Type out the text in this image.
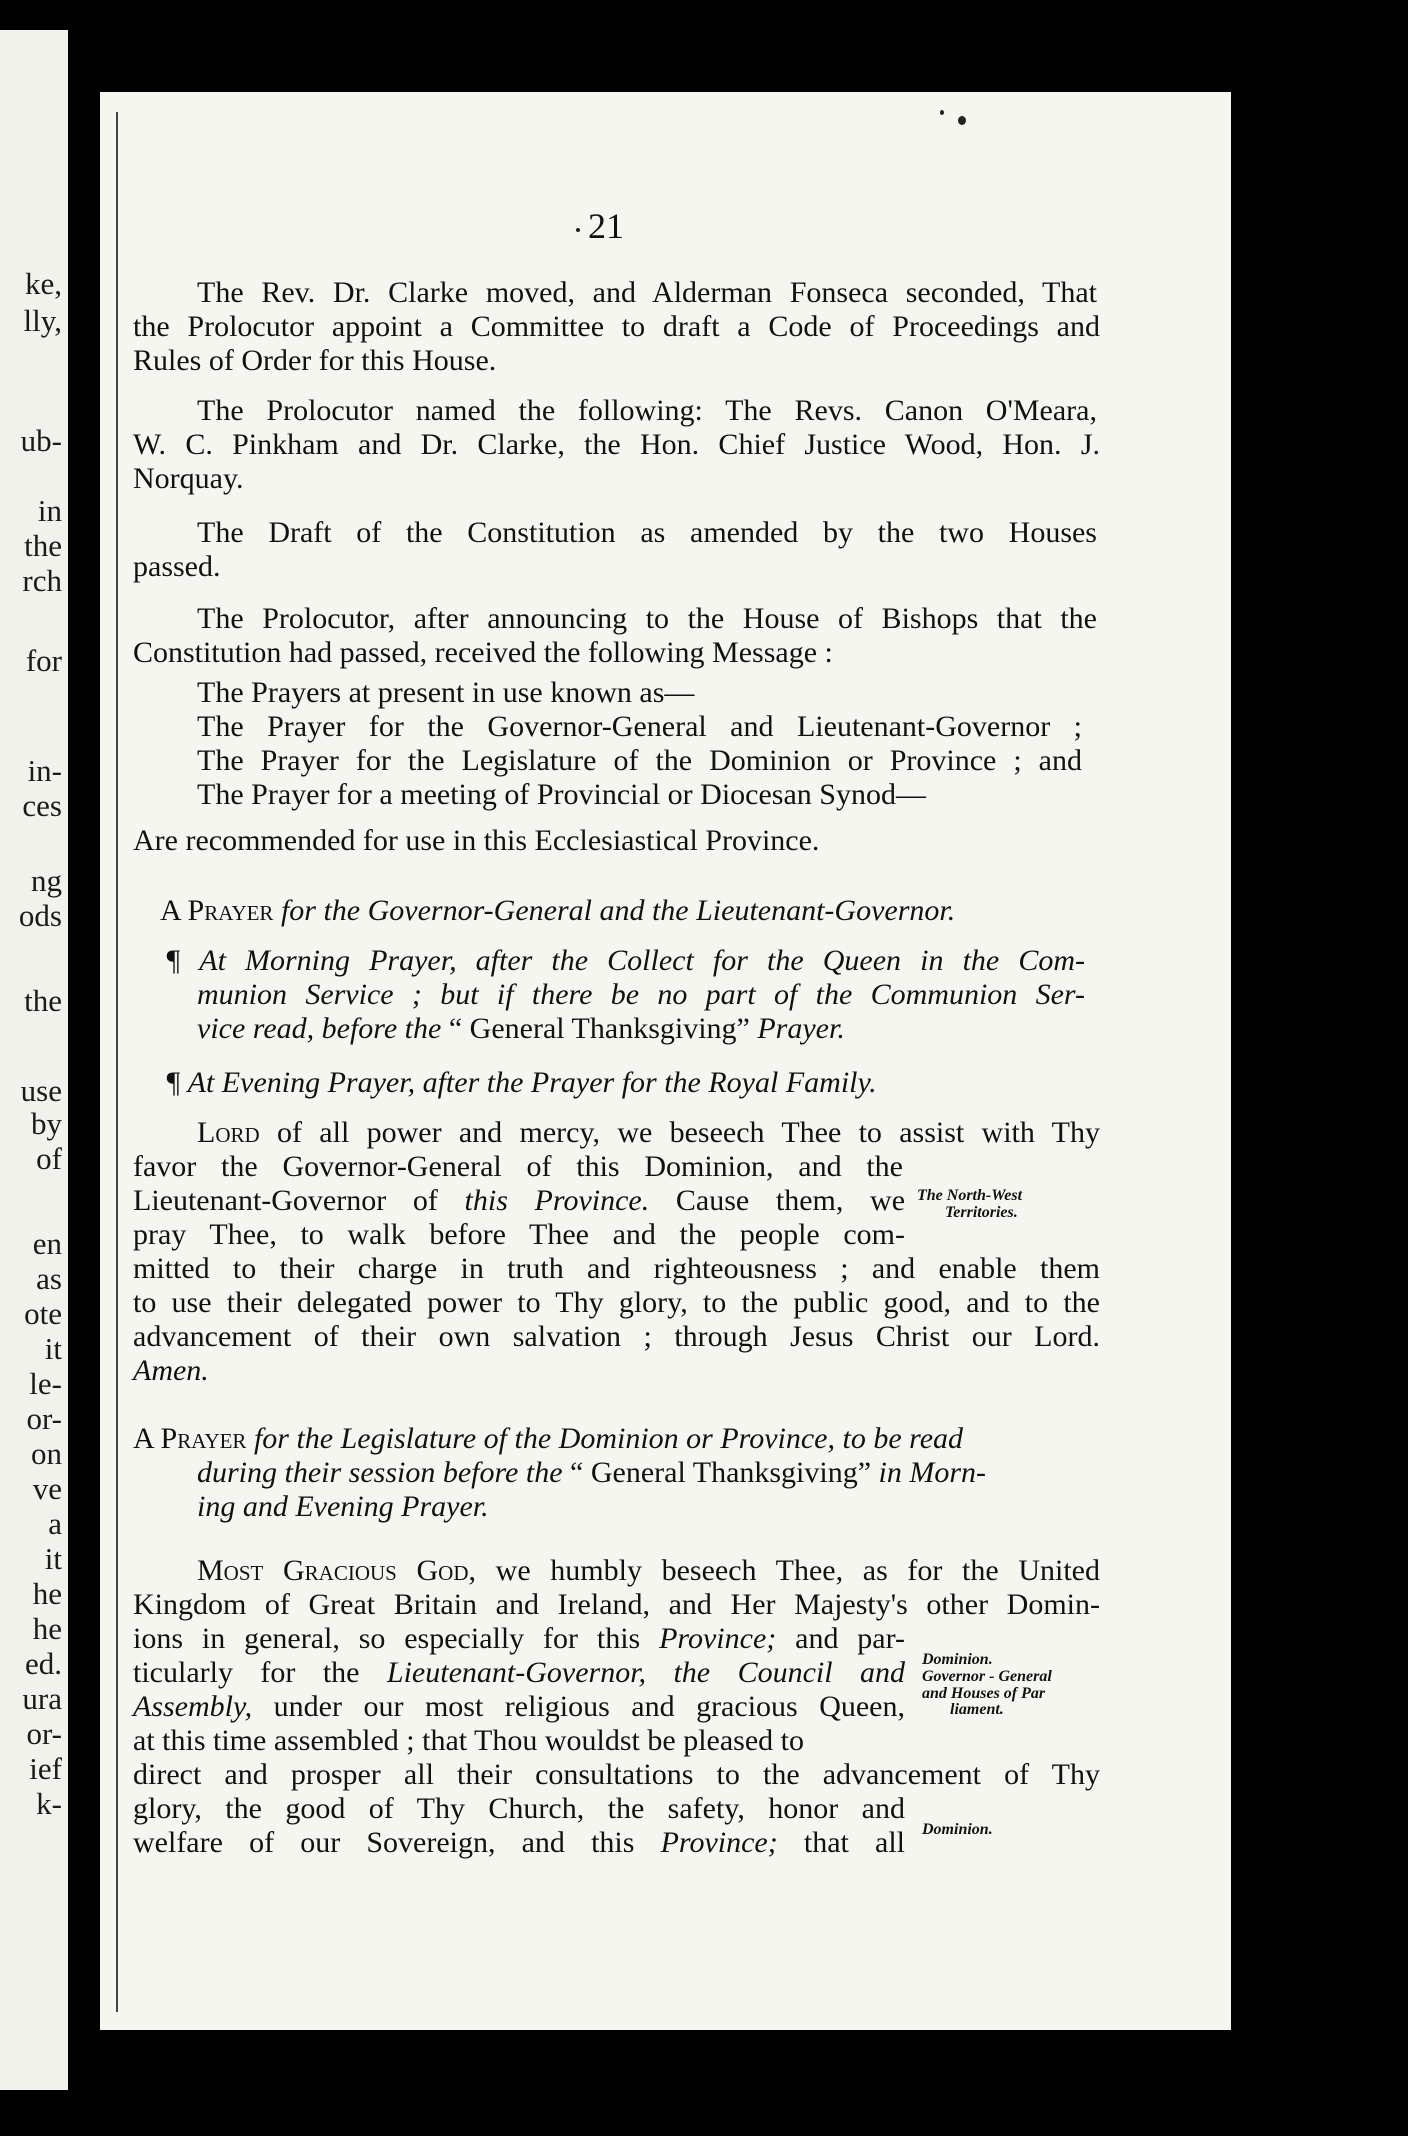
ke,
lly,
ub-
in
the
rch
for
in-
ces
ng
ods
the
use
by
of
en
as
ote
it
le-
or-
on
ve
a
it
he
he
ed.
ura
or-
ief
k-
21
The Rev. Dr. Clarke moved, and Alderman Fonseca seconded, That
the Prolocutor appoint a Committee to draft a Code of Proceedings and
Rules of Order for this House.
The Prolocutor named the following: The Revs. Canon O'Meara,
W. C. Pinkham and Dr. Clarke, the Hon. Chief Justice Wood, Hon. J.
Norquay.
The Draft of the Constitution as amended by the two Houses
passed.
The Prolocutor, after announcing to the House of Bishops that the
Constitution had passed, received the following Message :
The Prayers at present in use known as—
The Prayer for the Governor-General and Lieutenant-Governor ;
The Prayer for the Legislature of the Dominion or Province ; and
The Prayer for a meeting of Provincial or Diocesan Synod—
Are recommended for use in this Ecclesiastical Province.
A Prayer for the Governor-General and the Lieutenant-Governor.
¶ At Morning Prayer, after the Collect for the Queen in the Com-
munion Service ; but if there be no part of the Communion Ser-
vice read, before the “ General Thanksgiving” Prayer.
¶ At Evening Prayer, after the Prayer for the Royal Family.
Lord of all power and mercy, we beseech Thee to assist with Thy
favor the Governor-General of this Dominion, and the
Lieutenant-Governor of this Province. Cause them, we
pray Thee, to walk before Thee and the people com-
mitted to their charge in truth and righteousness ; and enable them
to use their delegated power to Thy glory, to the public good, and to the
advancement of their own salvation ; through Jesus Christ our Lord.
Amen.
The North-West
Territories.
A Prayer for the Legislature of the Dominion or Province, to be read
during their session before the “ General Thanksgiving” in Morn-
ing and Evening Prayer.
Most Gracious God, we humbly beseech Thee, as for the United
Kingdom of Great Britain and Ireland, and Her Majesty's other Domin-
ions in general, so especially for this Province; and par-
ticularly for the Lieutenant-Governor, the Council and
Assembly, under our most religious and gracious Queen,
at this time assembled ; that Thou wouldst be pleased to
direct and prosper all their consultations to the advancement of Thy
glory, the good of Thy Church, the safety, honor and
welfare of our Sovereign, and this Province; that all
Dominion.
Governor - General
and Houses of Par
liament.
Dominion.
